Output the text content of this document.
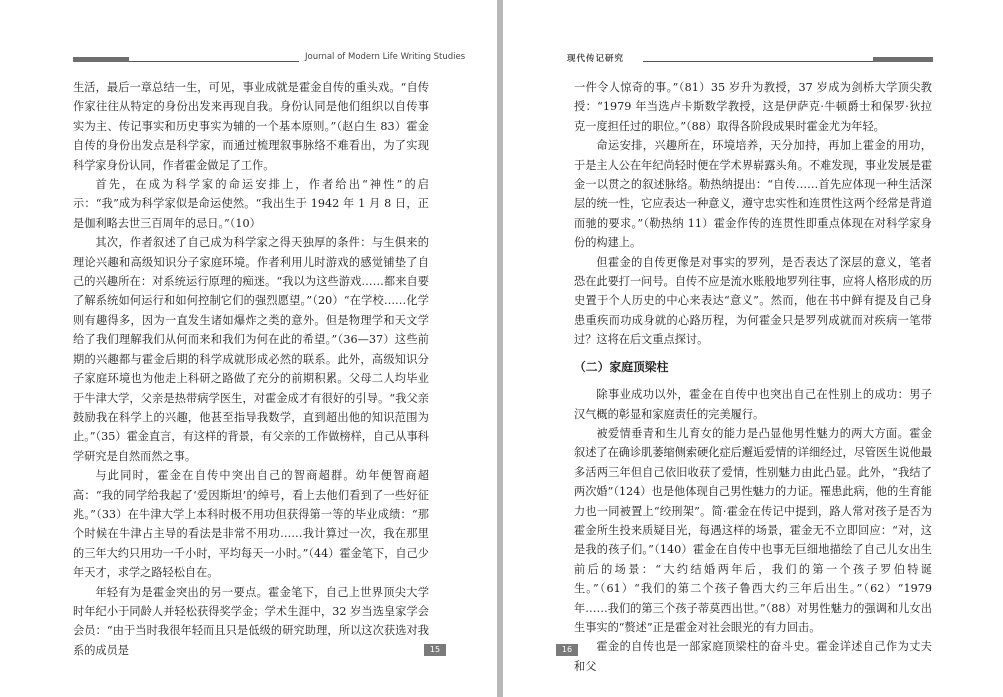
Journal of Modern Life Writing Studies

生活，最后一章总结一生，可见，事业成就是霍金自传的重头戏。“自传作家往往从特定的身份出发来再现自我。身份认同是他们组织以自传事实为主、传记事实和历史事实为辅的一个基本原则。”（赵白生 83）霍金自传的身份出发点是科学家，而通过梳理叙事脉络不难看出，为了实现科学家身份认同，作者霍金做足了工作。

首先，在成为科学家的命运安排上，作者给出“神性”的启示：“我”成为科学家似是命运使然。“我出生于 1942 年 1 月 8 日，正是伽利略去世三百周年的忌日。”（10）

其次，作者叙述了自己成为科学家之得天独厚的条件：与生俱来的理论兴趣和高级知识分子家庭环境。作者利用儿时游戏的感觉铺垫了自己的兴趣所在：对系统运行原理的痴迷。“我以为这些游戏……都来自要了解系统如何运行和如何控制它们的强烈愿望。”（20）“在学校……化学则有趣得多，因为一直发生诸如爆炸之类的意外。但是物理学和天文学给了我们理解我们从何而来和我们为何在此的希望。”（36—37）这些前期的兴趣都与霍金后期的科学成就形成必然的联系。此外，高级知识分子家庭环境也为他走上科研之路做了充分的前期积累。父母二人均毕业于牛津大学，父亲是热带病学医生，对霍金成才有很好的引导。“我父亲鼓励我在科学上的兴趣，他甚至指导我数学，直到超出他的知识范围为止。”（35）霍金直言，有这样的背景，有父亲的工作做榜样，自己从事科学研究是自然而然之事。

与此同时，霍金在自传中突出自己的智商超群。幼年便智商超高：“我的同学给我起了‘爱因斯坦’的绰号，看上去他们看到了一些好征兆。”（33）在牛津大学上本科时极不用功但获得第一等的毕业成绩：“那个时候在牛津占主导的看法是非常不用功……我计算过一次，我在那里的三年大约只用功一千小时，平均每天一小时。”（44）霍金笔下，自己少年天才，求学之路轻松自在。

年轻有为是霍金突出的另一要点。霍金笔下，自己上世界顶尖大学时年纪小于同龄人并轻松获得奖学金；学术生涯中，32 岁当选皇家学会会员：“由于当时我很年轻而且只是低级的研究助理，所以这次获选对我系的成员是	15
现代传记研究

一件令人惊奇的事。”（81）35 岁升为教授，37 岁成为剑桥大学顶尖教授：“1979 年当选卢卡斯数学教授，这是伊萨克·牛顿爵士和保罗·狄拉克一度担任过的职位。”（88）取得各阶段成果时霍金尤为年轻。

命运安排，兴趣所在，环境培养，天分加持，再加上霍金的用功，于是主人公在年纪尚轻时便在学术界崭露头角。不难发现，事业发展是霍金一以贯之的叙述脉络。勒热纳提出：“自传……首先应体现一种生活深层的统一性，它应表达一种意义，遵守忠实性和连贯性这两个经常是背道而驰的要求。”（勒热纳 11）霍金作传的连贯性即重点体现在对科学家身份的构建上。

但霍金的自传更像是对事实的罗列，是否表达了深层的意义，笔者恐在此要打一问号。自传不应是流水账般地罗列往事，应将人格形成的历史置于个人历史的中心来表达“意义”。然而，他在书中鲜有提及自己身患重疾而功成身就的心路历程，为何霍金只是罗列成就而对疾病一笔带过？这将在后文重点探讨。

（二）家庭顶梁柱

除事业成功以外，霍金在自传中也突出自己在性别上的成功：男子汉气概的彰显和家庭责任的完美履行。

被爱情垂青和生儿育女的能力是凸显他男性魅力的两大方面。霍金叙述了在确诊肌萎缩侧索硬化症后邂逅爱情的详细经过，尽管医生说他最多活两三年但自己依旧收获了爱情，性别魅力由此凸显。此外，“我结了两次婚”（124）也是他体现自己男性魅力的力证。罹患此病，他的生育能力也一同被置上“绞刑架”。简·霍金在传记中提到，路人常对孩子是否为霍金所生投来质疑目光，每遇这样的场景，霍金无不立即回应：“对，这是我的孩子们。”（140）霍金在自传中也事无巨细地描绘了自己儿女出生前后的场景：“大约结婚两年后，我们的第一个孩子罗伯特诞生。”（61）“我们的第二个孩子鲁西大约三年后出生。”（62）“1979 年……我们的第三个孩子蒂莫西出世。”（88）对男性魅力的强调和儿女出生事实的“赘述”正是霍金对社会眼光的有力回击。

霍金的自传也是一部家庭顶梁柱的奋斗史。霍金详述自己作为丈夫和父

16
